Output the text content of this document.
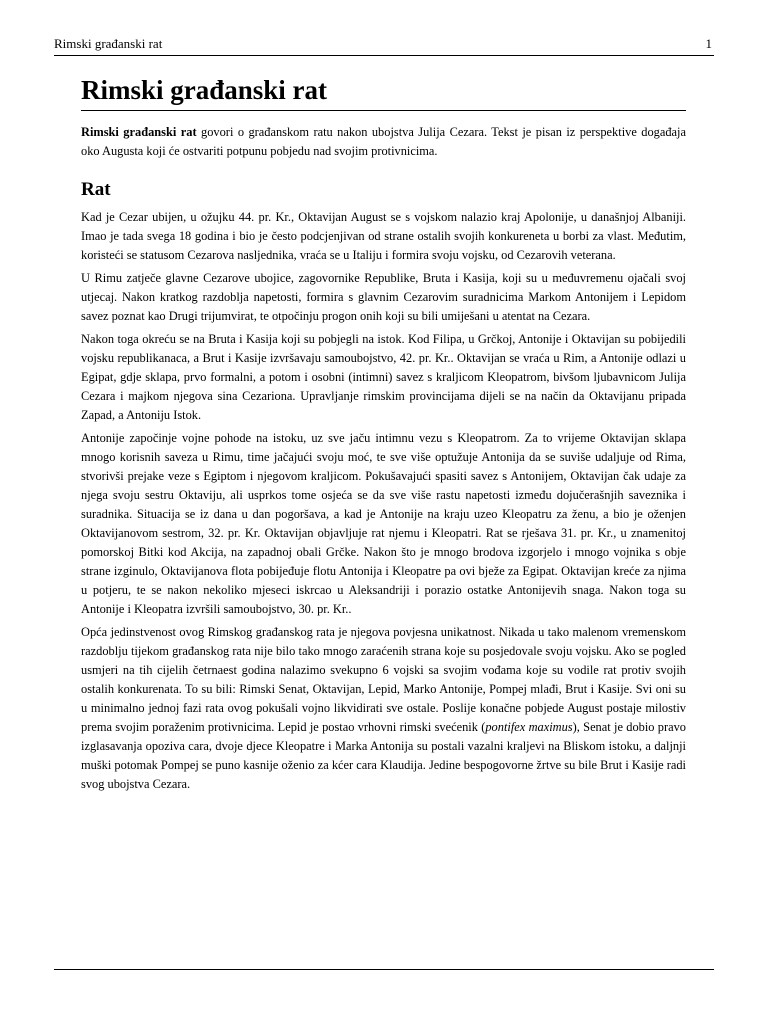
Rimski građanski rat	1
Rimski građanski rat

Rimski građanski rat govori o građanskom ratu nakon ubojstva Julija Cezara. Tekst je pisan iz perspektive događaja oko Augusta koji će ostvariti potpunu pobjedu nad svojim protivnicima.

Rat

Kad je Cezar ubijen, u ožujku 44. pr. Kr., Oktavijan August se s vojskom nalazio kraj Apolonije, u današnjoj Albaniji. Imao je tada svega 18 godina i bio je često podcjenjivan od strane ostalih svojih konkureneta u borbi za vlast. Međutim, koristeći se statusom Cezarova nasljednika, vraća se u Italiju i formira svoju vojsku, od Cezarovih veterana.

U Rimu zatječe glavne Cezarove ubojice, zagovornike Republike, Bruta i Kasija, koji su u međuvremenu ojačali svoj utjecaj. Nakon kratkog razdoblja napetosti, formira s glavnim Cezarovim suradnicima Markom Antonijem i Lepidom savez poznat kao Drugi trijumvirat, te otpočinju progon onih koji su bili umiješani u atentat na Cezara.

Nakon toga okreću se na Bruta i Kasija koji su pobjegli na istok. Kod Filipa, u Grčkoj, Antonije i Oktavijan su pobijedili vojsku republikanaca, a Brut i Kasije izvršavaju samoubojstvo, 42. pr. Kr.. Oktavijan se vraća u Rim, a Antonije odlazi u Egipat, gdje sklapa, prvo formalni, a potom i osobni (intimni) savez s kraljicom Kleopatrom, bivšom ljubavnicom Julija Cezara i majkom njegova sina Cezariona. Upravljanje rimskim provincijama dijeli se na način da Oktavijanu pripada Zapad, a Antoniju Istok.

Antonije započinje vojne pohode na istoku, uz sve jaču intimnu vezu s Kleopatrom. Za to vrijeme Oktavijan sklapa mnogo korisnih saveza u Rimu, time jačajući svoju moć, te sve više optužuje Antonija da se suviše udaljuje od Rima, stvorivši prejake veze s Egiptom i njegovom kraljicom. Pokušavajući spasiti savez s Antonijem, Oktavijan čak udaje za njega svoju sestru Oktaviju, ali usprkos tome osjeća se da sve više rastu napetosti između dojučerašnjih saveznika i suradnika. Situacija se iz dana u dan pogoršava, a kad je Antonije na kraju uzeo Kleopatru za ženu, a bio je oženjen Oktavijanovom sestrom, 32. pr. Kr. Oktavijan objavljuje rat njemu i Kleopatri. Rat se rješava 31. pr. Kr., u znamenitoj pomorskoj Bitki kod Akcija, na zapadnoj obali Grčke. Nakon što je mnogo brodova izgorjelo i mnogo vojnika s obje strane izginulo, Oktavijanova flota pobijeđuje flotu Antonija i Kleopatre pa ovi bježe za Egipat. Oktavijan kreće za njima u potjeru, te se nakon nekoliko mjeseci iskrcao u Aleksandriji i porazio ostatke Antonijevih snaga. Nakon toga su Antonije i Kleopatra izvršili samoubojstvo, 30. pr. Kr..

Opća jedinstvenost ovog Rimskog građanskog rata je njegova povjesna unikatnost. Nikada u tako malenom vremenskom razdoblju tijekom građanskog rata nije bilo tako mnogo zaraćenih strana koje su posjedovale svoju vojsku. Ako se pogled usmjeri na tih cijelih četrnaest godina nalazimo svekupno 6 vojski sa svojim vođama koje su vodile rat protiv svojih ostalih konkurenata. To su bili: Rimski Senat, Oktavijan, Lepid, Marko Antonije, Pompej mlađi, Brut i Kasije. Svi oni su u minimalno jednoj fazi rata ovog pokušali vojno likvidirati sve ostale. Poslije konačne pobjede August postaje milostiv prema svojim poraženim protivnicima. Lepid je postao vrhovni rimski svećenik (pontifex maximus), Senat je dobio pravo izglasavanja opoziva cara, dvoje djece Kleopatre i Marka Antonija su postali vazalni kraljevi na Bliskom istoku, a daljnji muški potomak Pompej se puno kasnije oženio za kćer cara Klaudija. Jedine bespogovorne žrtve su bile Brut i Kasije radi svog ubojstva Cezara.
